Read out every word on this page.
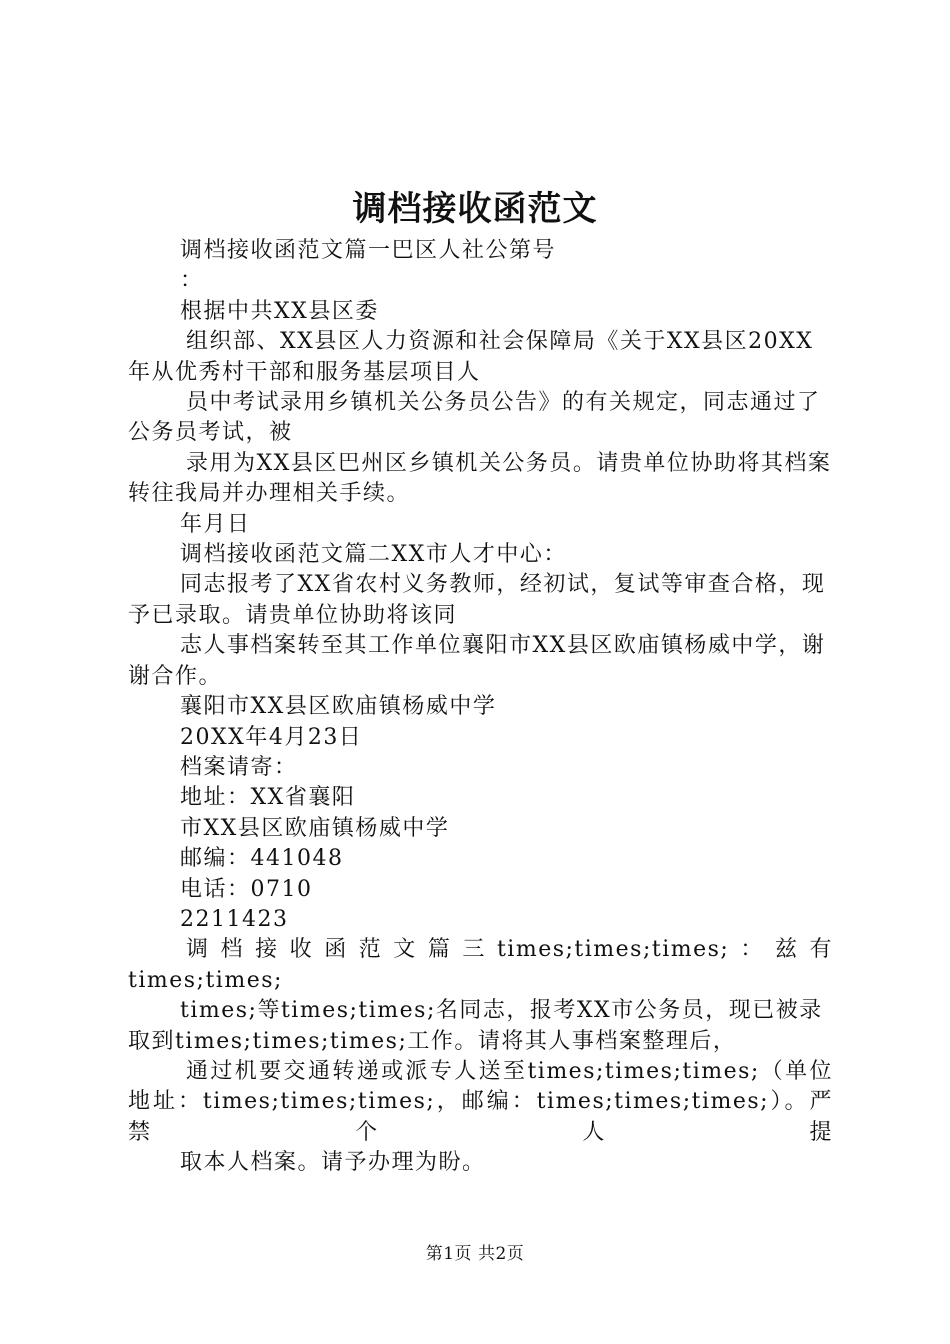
调档接收函范文

调档接收函范文篇一巴区人社公第号

：

根据中共XX县区委

组织部、XX县区人力资源和社会保障局《关于XX县区20XX年从优秀村干部和服务基层项目人

员中考试录用乡镇机关公务员公告》的有关规定，同志通过了公务员考试，被

录用为XX县区巴州区乡镇机关公务员。请贵单位协助将其档案转往我局并办理相关手续。

年月日

调档接收函范文篇二XX市人才中心：

同志报考了XX省农村义务教师，经初试，复试等审查合格，现予已录取。请贵单位协助将该同

志人事档案转至其工作单位襄阳市XX县区欧庙镇杨威中学，谢谢合作。

襄阳市XX县区欧庙镇杨威中学

20XX年4月23日

档案请寄：

地址：XX省襄阳

市XX县区欧庙镇杨威中学

邮编：441048

电话：0710

2211423

调档接收函范文篇三times;times;times;：兹有times;times;

times;等times;times;名同志，报考XX市公务员，现已被录取到times;times;times;工作。请将其人事档案整理后，

通过机要交通转递或派专人送至times;times;times;（单位地址：times;times;times;，邮编：times;times;times;）。严禁个人提

取本人档案。请予办理为盼。

第1页 共2页
